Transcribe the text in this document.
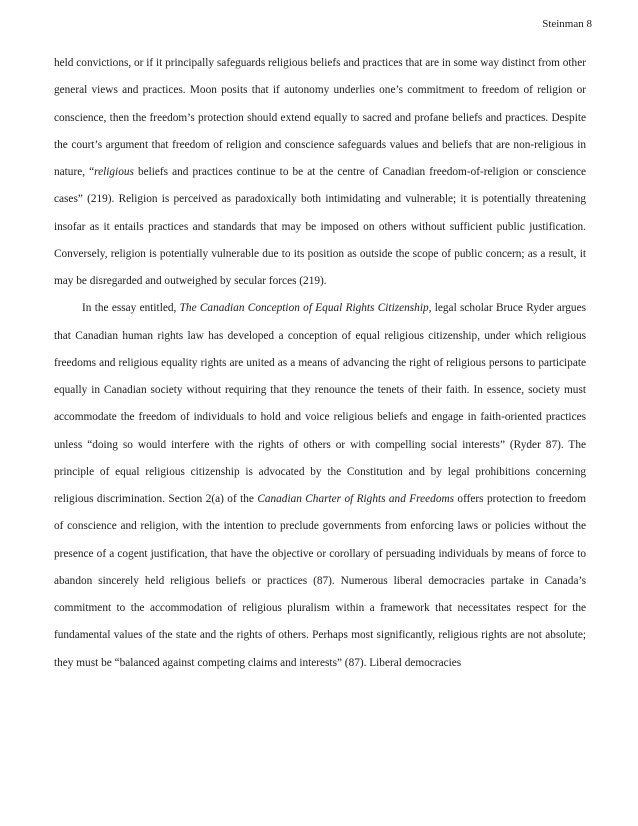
Steinman 8

held convictions, or if it principally safeguards religious beliefs and practices that are in some way distinct from other general views and practices. Moon posits that if autonomy underlies one’s commitment to freedom of religion or conscience, then the freedom’s protection should extend equally to sacred and profane beliefs and practices. Despite the court’s argument that freedom of religion and conscience safeguards values and beliefs that are non-religious in nature, “religious beliefs and practices continue to be at the centre of Canadian freedom-of-religion or conscience cases” (219). Religion is perceived as paradoxically both intimidating and vulnerable; it is potentially threatening insofar as it entails practices and standards that may be imposed on others without sufficient public justification. Conversely, religion is potentially vulnerable due to its position as outside the scope of public concern; as a result, it may be disregarded and outweighed by secular forces (219).

In the essay entitled, The Canadian Conception of Equal Rights Citizenship, legal scholar Bruce Ryder argues that Canadian human rights law has developed a conception of equal religious citizenship, under which religious freedoms and religious equality rights are united as a means of advancing the right of religious persons to participate equally in Canadian society without requiring that they renounce the tenets of their faith. In essence, society must accommodate the freedom of individuals to hold and voice religious beliefs and engage in faith-oriented practices unless “doing so would interfere with the rights of others or with compelling social interests” (Ryder 87). The principle of equal religious citizenship is advocated by the Constitution and by legal prohibitions concerning religious discrimination. Section 2(a) of the Canadian Charter of Rights and Freedoms offers protection to freedom of conscience and religion, with the intention to preclude governments from enforcing laws or policies without the presence of a cogent justification, that have the objective or corollary of persuading individuals by means of force to abandon sincerely held religious beliefs or practices (87). Numerous liberal democracies partake in Canada’s commitment to the accommodation of religious pluralism within a framework that necessitates respect for the fundamental values of the state and the rights of others. Perhaps most significantly, religious rights are not absolute; they must be “balanced against competing claims and interests” (87). Liberal democracies
